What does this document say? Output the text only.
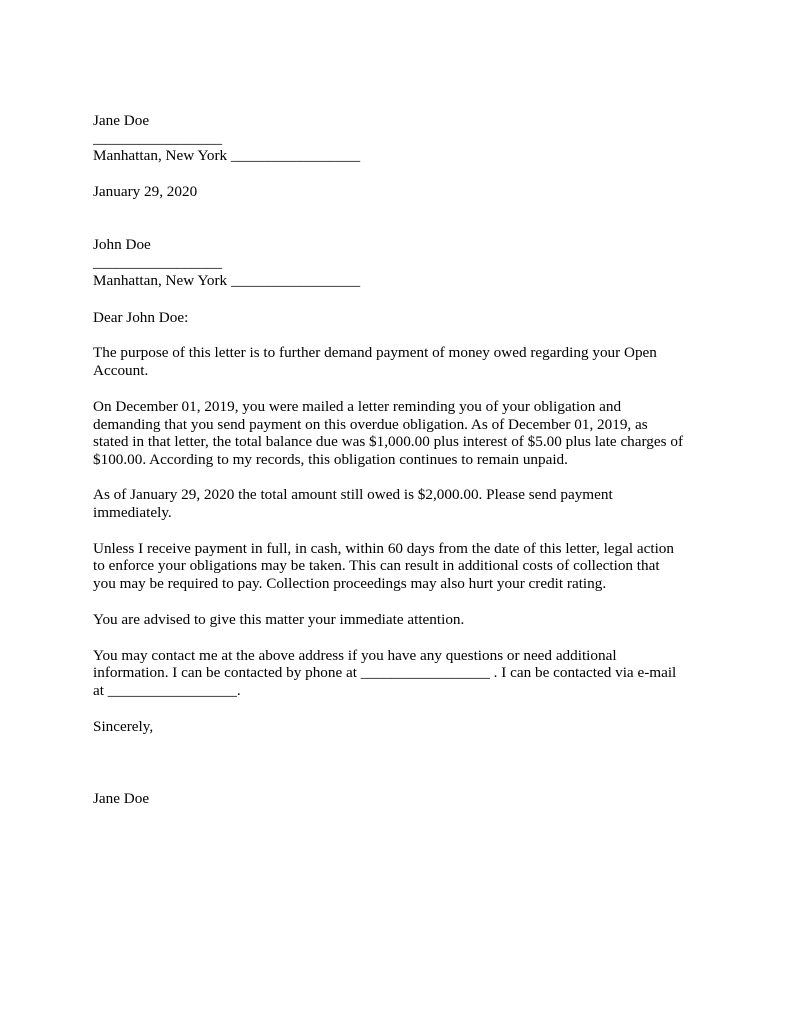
Jane Doe

_________________

Manhattan, New York _________________

January 29, 2020

John Doe

_________________

Manhattan, New York _________________

Dear John Doe:

The purpose of this letter is to further demand payment of money owed regarding your Open

Account.

On December 01, 2019, you were mailed a letter reminding you of your obligation and

demanding that you send payment on this overdue obligation. As of December 01, 2019, as

stated in that letter, the total balance due was $1,000.00 plus interest of $5.00 plus late charges of

$100.00. According to my records, this obligation continues to remain unpaid.

As of January 29, 2020 the total amount still owed is $2,000.00. Please send payment

immediately.

Unless I receive payment in full, in cash, within 60 days from the date of this letter, legal action

to enforce your obligations may be taken. This can result in additional costs of collection that

you may be required to pay. Collection proceedings may also hurt your credit rating.

You are advised to give this matter your immediate attention.

You may contact me at the above address if you have any questions or need additional

information. I can be contacted by phone at _________________ . I can be contacted via e-mail

at _________________.

Sincerely,

Jane Doe
